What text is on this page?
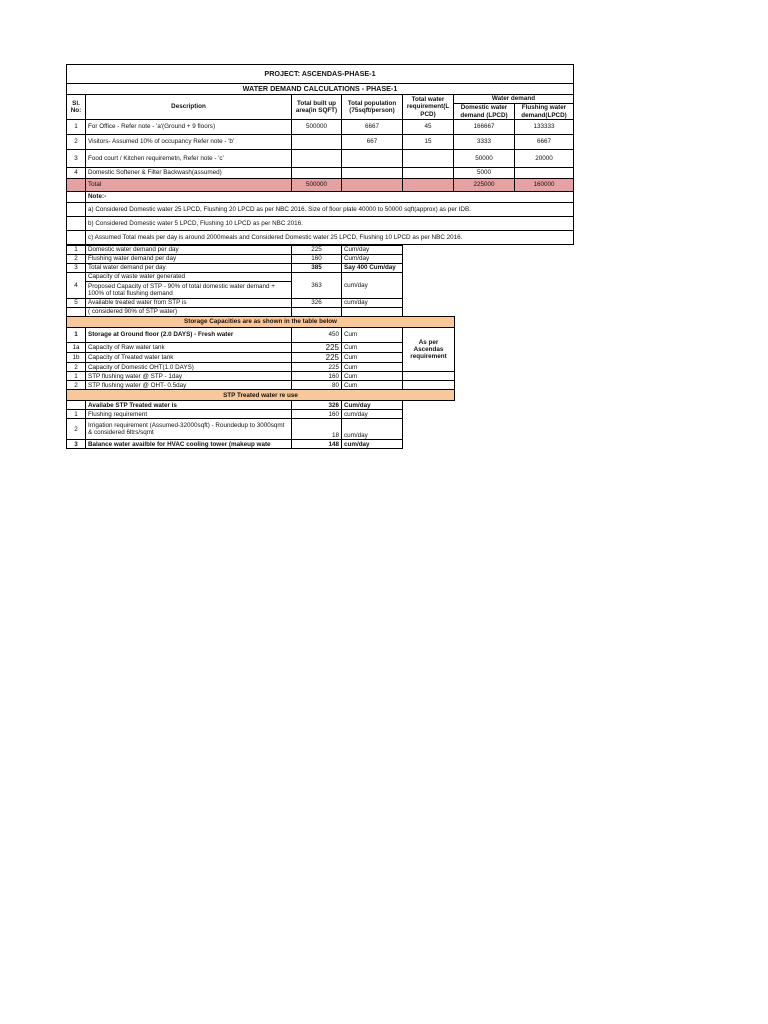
PROJECT: ASCENDAS-PHASE-1						
WATER DEMAND CALCULATIONS - PHASE-1						
Sl. No:	Description	Total built up area(in SQFT)	Total population (75sqft/person)	Total water requirement(L PCD)	Water demand	
					Domestic water demand (LPCD)	Flushing water demand(LPCD)
1	For Office - Refer note - 'a'(Ground + 9 floors)	500000	6667	45	166667	133333
2	Visitors- Assumed 10% of occupancy Refer note - 'b'		667	15	3333	6667
3	Food court / Kitchen requiremetn, Refer note - 'c'				50000	20000
4	Domestic Softener & Filter Backwash(assumed)				5000	
	Total	500000			225000	160000
	Note:-					
	a) Considered Domestic water 25 LPCD, Flushing 20 LPCD as per NBC 2016. Size of floor plate 40000 to 50000 sqft(approx) as per IDB.					
	b) Considered Domestic water 5 LPCD, Flushing 10 LPCD as per NBC 2016.					
	c) Assumed Total meals per day is around 2000meals and Considered Domestic water 25 LPCD, Flushing 10 LPCD as per NBC 2016.					
1	Domestic water demand per day	225	Cum/day	
2	Flushing water demand per day	160	Cum/day	
3	Total water demand per day	385	Say 400 Cum/day	
4	Capacity of waste water generated	363	cum/day	
	Proposed Capacity of STP - 90% of total domestic water demand + 100% of total flushing demand			
5	Available treated water from STP is	326	cum/day	
	( considered 90% of STP water)			
Storage Capacities are as shown in the table below				
1	Storage at Ground floor (2.0 DAYS) - Fresh water	450	Cum	As per Ascendas requirement
1a	Capacity of Raw water tank	225	Cum	
1b	Capacity of Treated water tank	225	Cum	
2	Capacity of Domestic OHT(1.0 DAYS)	225	Cum	
1	STP flushing water @ STP - 1day	160	Cum	
2	STP flushing water @ OHT- 0.5day	80	Cum	
STP Treated water re use				
	Availabe STP Treated water is	326	Cum/day	
1	Flushing requirement	160	cum/day	
2	Irrigation requirement (Assumed-32000sqft) - Roundedup to 3000sqmt & considered 6ltrs/sqmt	18	cum/day	
3	Balance water availble for HVAC cooling tower (makeup wate	148	cum/day	
